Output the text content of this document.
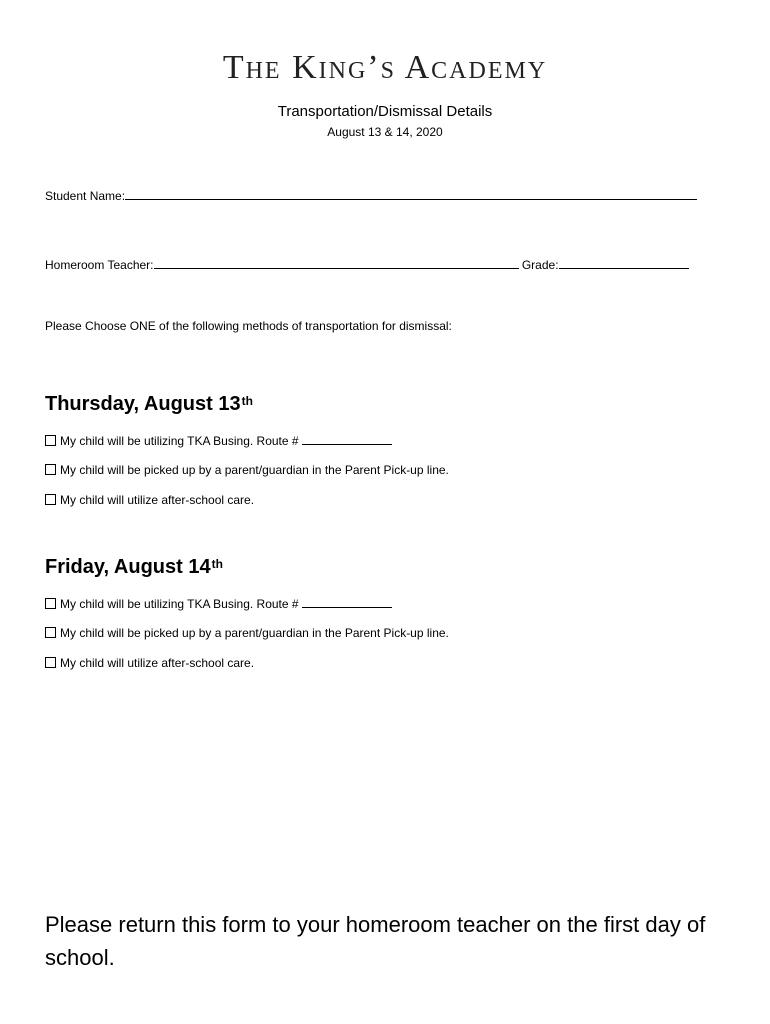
The King’s Academy
Transportation/Dismissal Details
August 13 & 14, 2020
Student Name:
Homeroom Teacher:	Grade:
Please Choose ONE of the following methods of transportation for dismissal:
Thursday, August 13th
My child will be utilizing TKA Busing. Route #
My child will be picked up by a parent/guardian in the Parent Pick-up line.
My child will utilize after-school care.
Friday, August 14th
My child will be utilizing TKA Busing. Route #
My child will be picked up by a parent/guardian in the Parent Pick-up line.
My child will utilize after-school care.
Please return this form to your homeroom teacher on the first day of school.
